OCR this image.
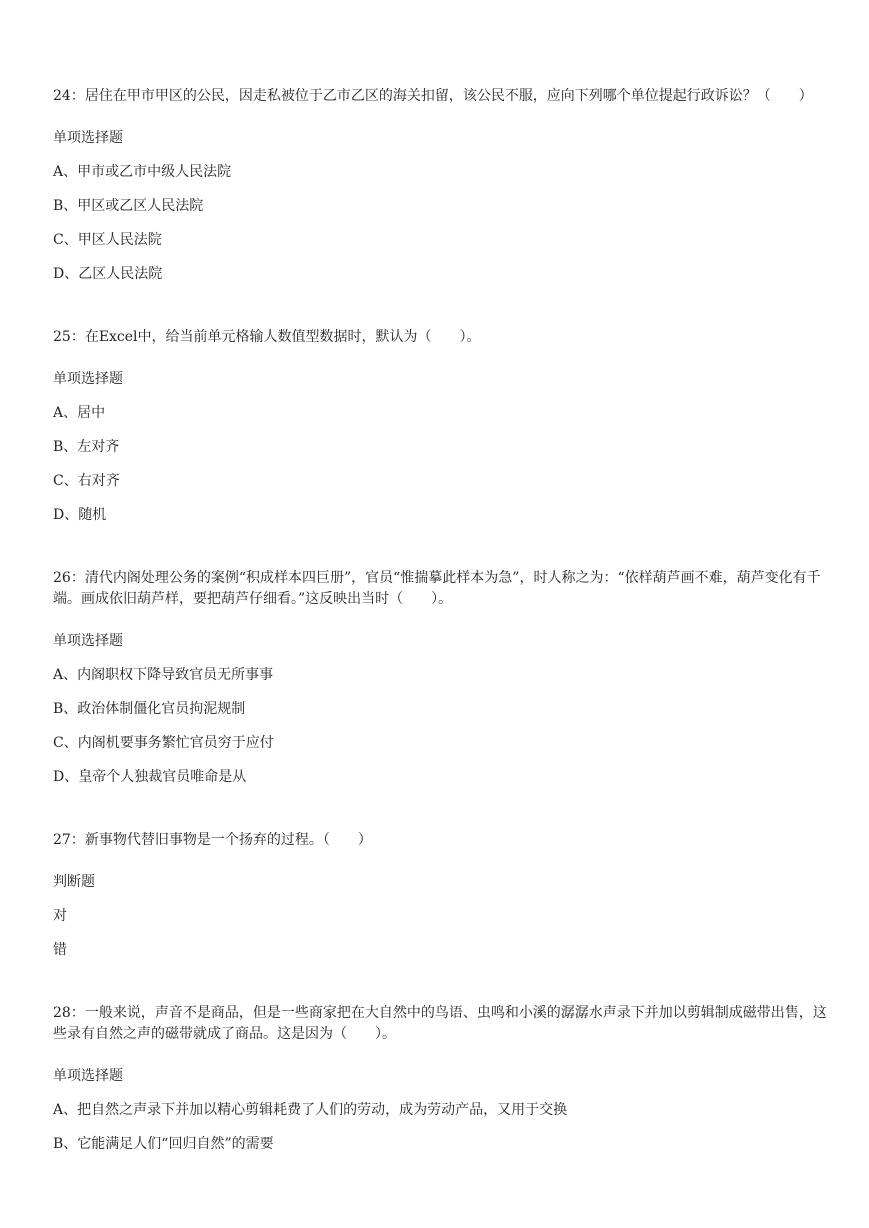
24：居住在甲市甲区的公民，因走私被位于乙市乙区的海关扣留，该公民不服，应向下列哪个单位提起行政诉讼？（　　）

单项选择题
A、甲市或乙市中级人民法院
B、甲区或乙区人民法院
C、甲区人民法院
D、乙区人民法院

25：在Excel中，给当前单元格输人数值型数据时，默认为（　　）。

单项选择题
A、居中
B、左对齐
C、右对齐
D、随机

26：清代内阁处理公务的案例“积成样本四巨册”，官员“惟揣摹此样本为急”，时人称之为：“依样葫芦画不难，葫芦变化有千端。画成依旧葫芦样，要把葫芦仔细看。”这反映出当时（　　）。

单项选择题
A、内阁职权下降导致官员无所事事
B、政治体制僵化官员拘泥规制
C、内阁机要事务繁忙官员穷于应付
D、皇帝个人独裁官员唯命是从

27：新事物代替旧事物是一个扬弃的过程。（　　）

判断题
对
错

28：一般来说，声音不是商品，但是一些商家把在大自然中的鸟语、虫鸣和小溪的潺潺水声录下并加以剪辑制成磁带出售，这些录有自然之声的磁带就成了商品。这是因为（　　）。

单项选择题
A、把自然之声录下并加以精心剪辑耗费了人们的劳动，成为劳动产品，又用于交换
B、它能满足人们“回归自然”的需要
